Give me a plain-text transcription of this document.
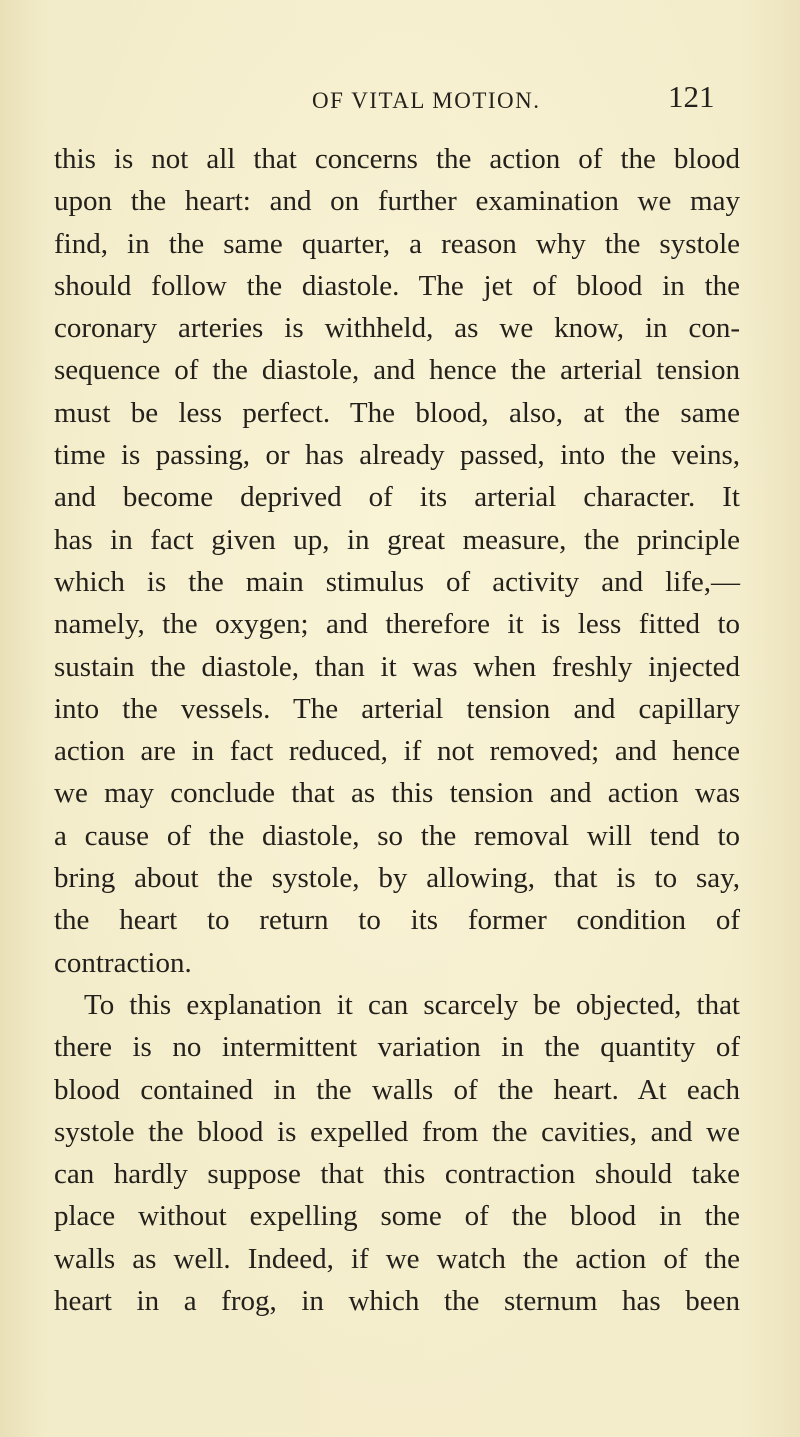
OF VITAL MOTION.	121
this is not all that concerns the action of the blood
upon the heart: and on further examination we may
find, in the same quarter, a reason why the systole
should follow the diastole. The jet of blood in the
coronary arteries is withheld, as we know, in con-
sequence of the diastole, and hence the arterial tension
must be less perfect. The blood, also, at the same
time is passing, or has already passed, into the veins,
and become deprived of its arterial character. It
has in fact given up, in great measure, the principle
which is the main stimulus of activity and life,—
namely, the oxygen; and therefore it is less fitted to
sustain the diastole, than it was when freshly injected
into the vessels. The arterial tension and capillary
action are in fact reduced, if not removed; and hence
we may conclude that as this tension and action was
a cause of the diastole, so the removal will tend to
bring about the systole, by allowing, that is to say,
the heart to return to its former condition of
contraction.
To this explanation it can scarcely be objected, that
there is no intermittent variation in the quantity of
blood contained in the walls of the heart. At each
systole the blood is expelled from the cavities, and we
can hardly suppose that this contraction should take
place without expelling some of the blood in the
walls as well. Indeed, if we watch the action of the
heart in a frog, in which the sternum has been
